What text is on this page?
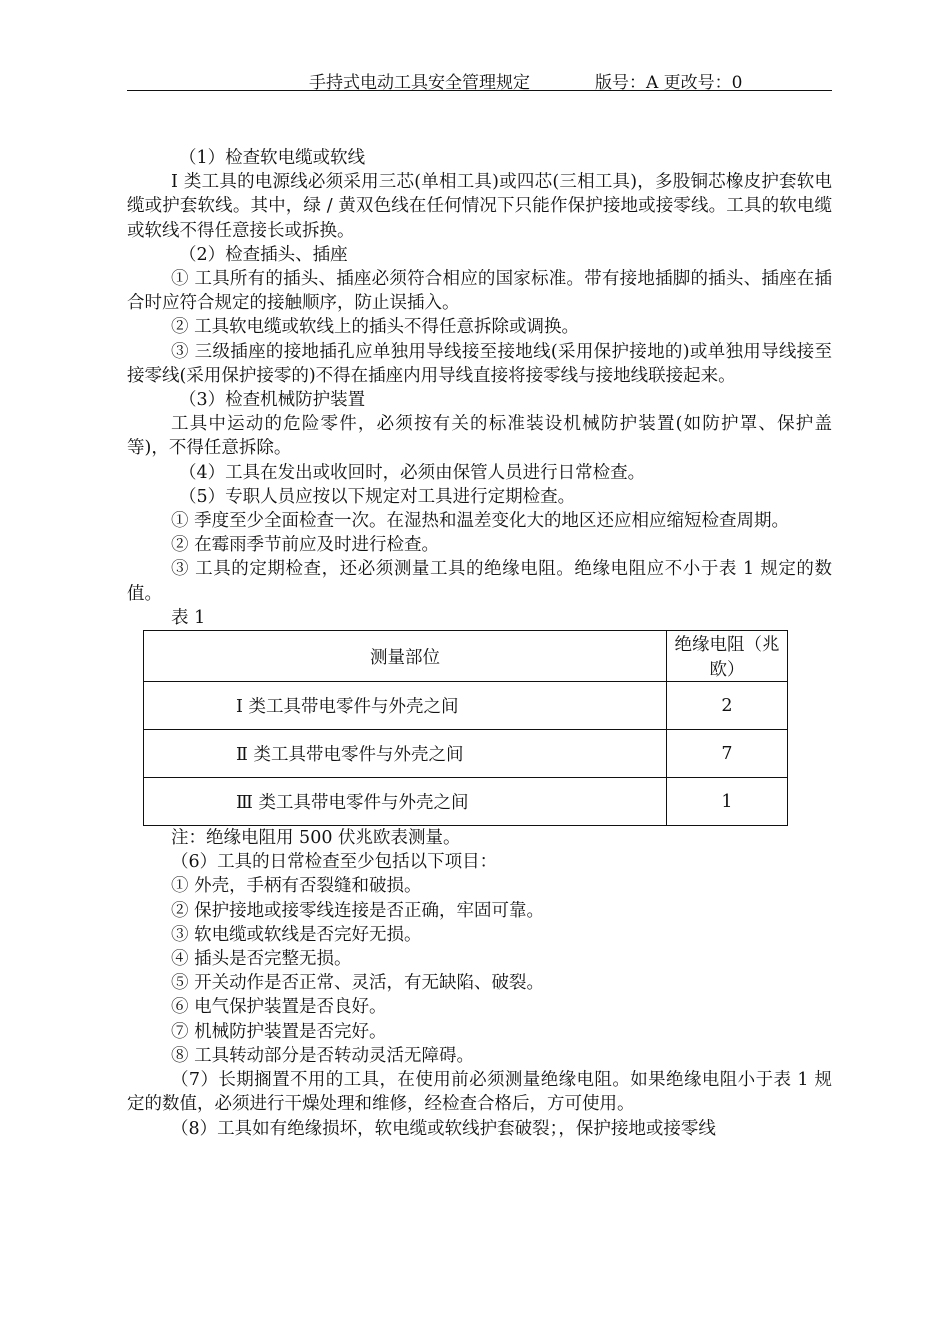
手持式电动工具安全管理规定	版号：A 更改号：0

（1）检查软电缆或软线

Ⅰ 类工具的电源线必须采用三芯(单相工具)或四芯(三相工具)，多股铜芯橡皮护套软电缆或护套软线。其中，绿 / 黄双色线在任何情况下只能作保护接地或接零线。工具的软电缆或软线不得任意接长或拆换。

（2）检查插头、插座

① 工具所有的插头、插座必须符合相应的国家标准。带有接地插脚的插头、插座在插合时应符合规定的接触顺序，防止误插入。

② 工具软电缆或软线上的插头不得任意拆除或调换。

③ 三级插座的接地插孔应单独用导线接至接地线(采用保护接地的)或单独用导线接至接零线(采用保护接零的)不得在插座内用导线直接将接零线与接地线联接起来。

（3）检查机械防护装置

工具中运动的危险零件，必须按有关的标准装设机械防护装置(如防护罩、保护盖等)，不得任意拆除。

（4）工具在发出或收回时，必须由保管人员进行日常检查。

（5）专职人员应按以下规定对工具进行定期检查。

① 季度至少全面检查一次。在湿热和温差变化大的地区还应相应缩短检查周期。

② 在霉雨季节前应及时进行检查。

③ 工具的定期检查，还必须测量工具的绝缘电阻。绝缘电阻应不小于表 1 规定的数值。

表 1

测量部位	绝缘电阻（兆欧）
Ⅰ 类工具带电零件与外壳之间	2
Ⅱ 类工具带电零件与外壳之间	7
Ⅲ 类工具带电零件与外壳之间	1

注：绝缘电阻用 500 伏兆欧表测量。

（6）工具的日常检查至少包括以下项目：

① 外壳，手柄有否裂缝和破损。

② 保护接地或接零线连接是否正确，牢固可靠。

③ 软电缆或软线是否完好无损。

④ 插头是否完整无损。

⑤ 开关动作是否正常、灵活，有无缺陷、破裂。

⑥ 电气保护装置是否良好。

⑦ 机械防护装置是否完好。

⑧ 工具转动部分是否转动灵活无障碍。

（7）长期搁置不用的工具，在使用前必须测量绝缘电阻。如果绝缘电阻小于表 1 规定的数值，必须进行干燥处理和维修，经检查合格后，方可使用。

（8）工具如有绝缘损坏，软电缆或软线护套破裂；，保护接地或接零线
